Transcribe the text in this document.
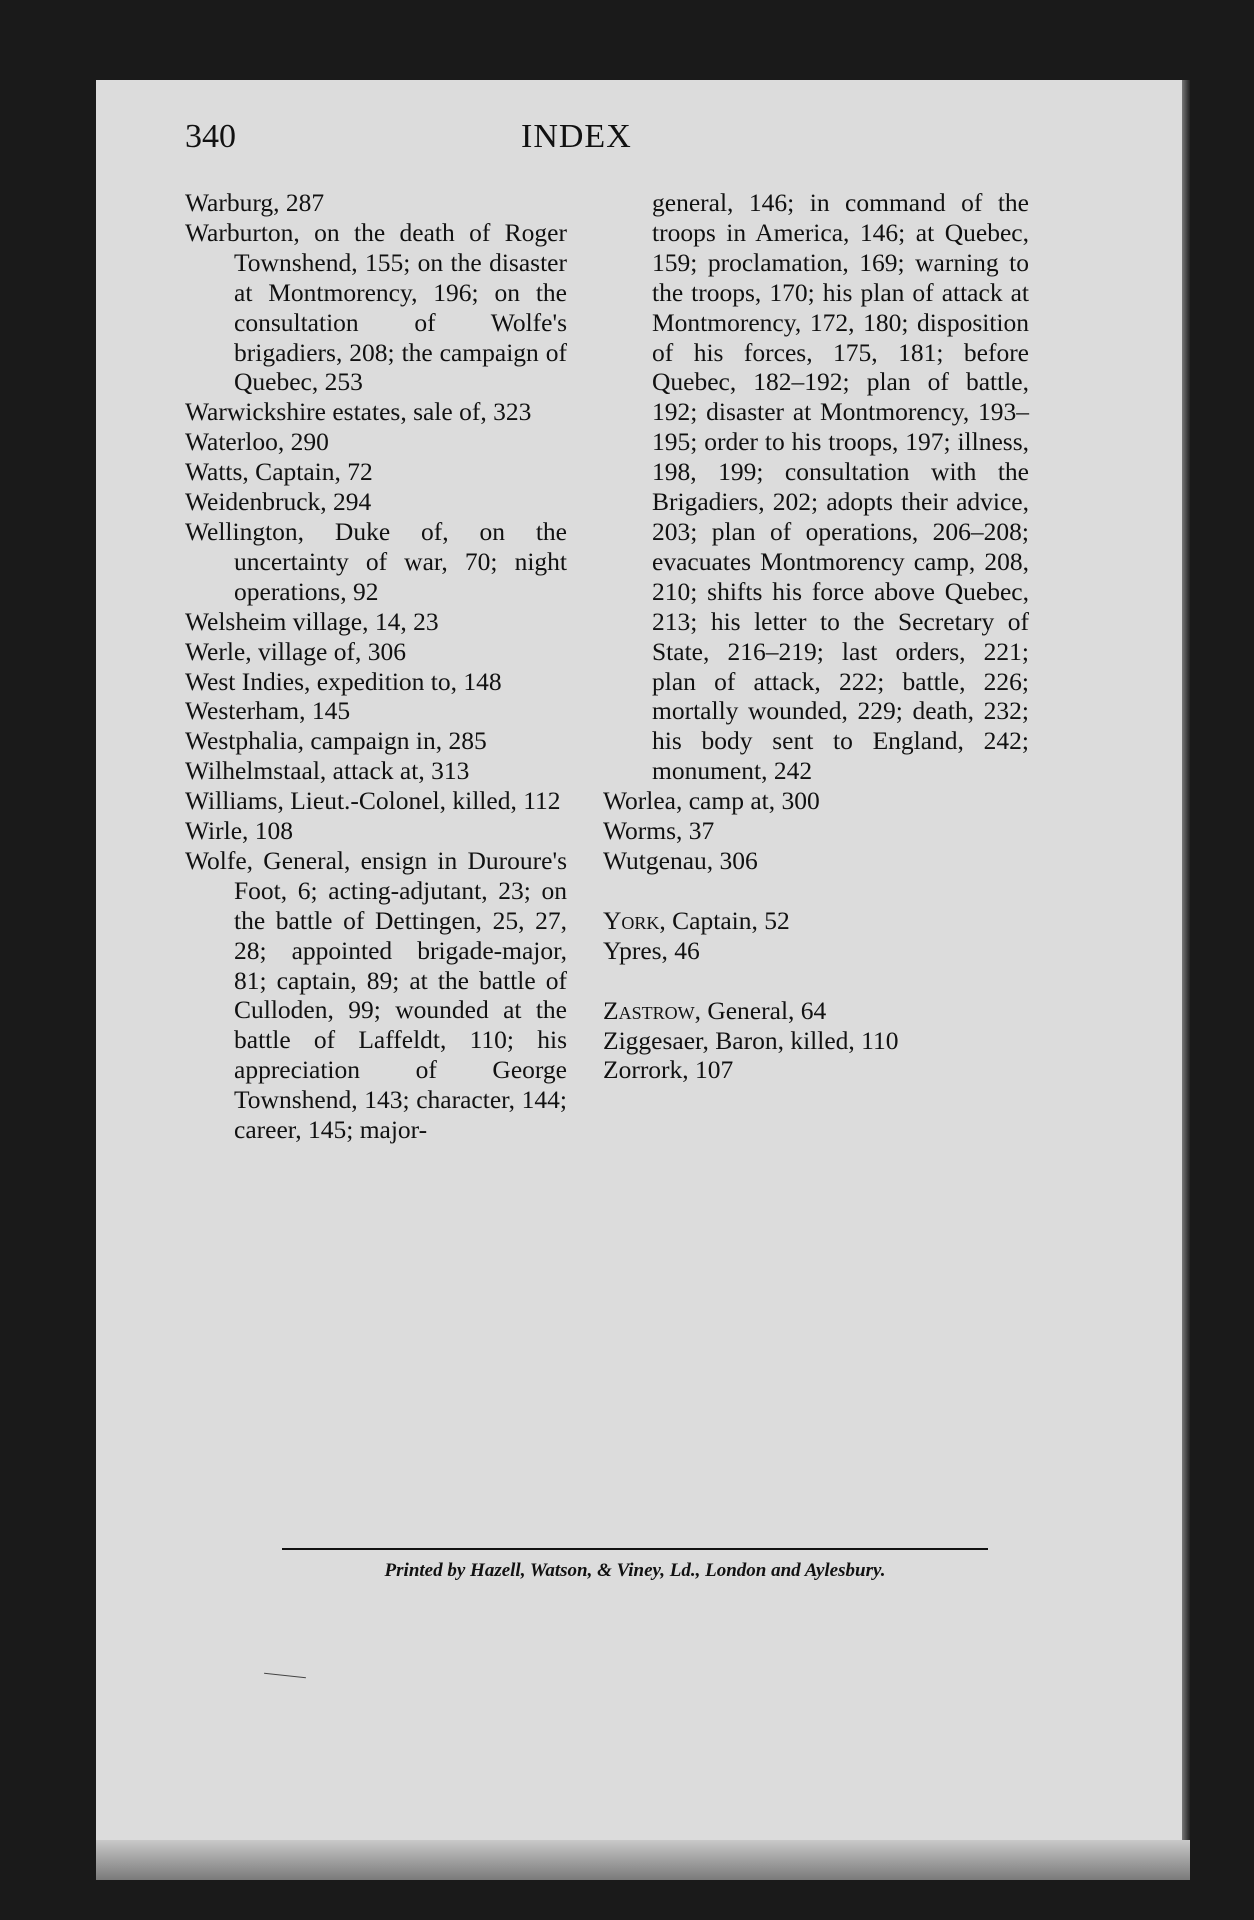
340	INDEX
Warburg, 287
Warburton, on the death of Roger Townshend, 155; on the disaster at Montmorency, 196; on the consultation of Wolfe's brigadiers, 208; the campaign of Quebec, 253
Warwickshire estates, sale of, 323
Waterloo, 290
Watts, Captain, 72
Weidenbruck, 294
Wellington, Duke of, on the uncertainty of war, 70; night operations, 92
Welsheim village, 14, 23
Werle, village of, 306
West Indies, expedition to, 148
Westerham, 145
Westphalia, campaign in, 285
Wilhelmstaal, attack at, 313
Williams, Lieut.-Colonel, killed, 112
Wirle, 108
Wolfe, General, ensign in Duroure's Foot, 6; acting-adjutant, 23; on the battle of Dettingen, 25, 27, 28; appointed brigade-major, 81; captain, 89; at the battle of Culloden, 99; wounded at the battle of Laffeldt, 110; his appreciation of George Townshend, 143; character, 144; career, 145; major-
general, 146; in command of the troops in America, 146; at Quebec, 159; proclamation, 169; warning to the troops, 170; his plan of attack at Montmorency, 172, 180; disposition of his forces, 175, 181; before Quebec, 182–192; plan of battle, 192; disaster at Montmorency, 193–195; order to his troops, 197; illness, 198, 199; consultation with the Brigadiers, 202; adopts their advice, 203; plan of operations, 206–208; evacuates Montmorency camp, 208, 210; shifts his force above Quebec, 213; his letter to the Secretary of State, 216–219; last orders, 221; plan of attack, 222; battle, 226; mortally wounded, 229; death, 232; his body sent to England, 242; monument, 242
Worlea, camp at, 300
Worms, 37
Wutgenau, 306
York, Captain, 52
Ypres, 46
Zastrow, General, 64
Ziggesaer, Baron, killed, 110
Zorrork, 107
Printed by Hazell, Watson, & Viney, Ld., London and Aylesbury.
